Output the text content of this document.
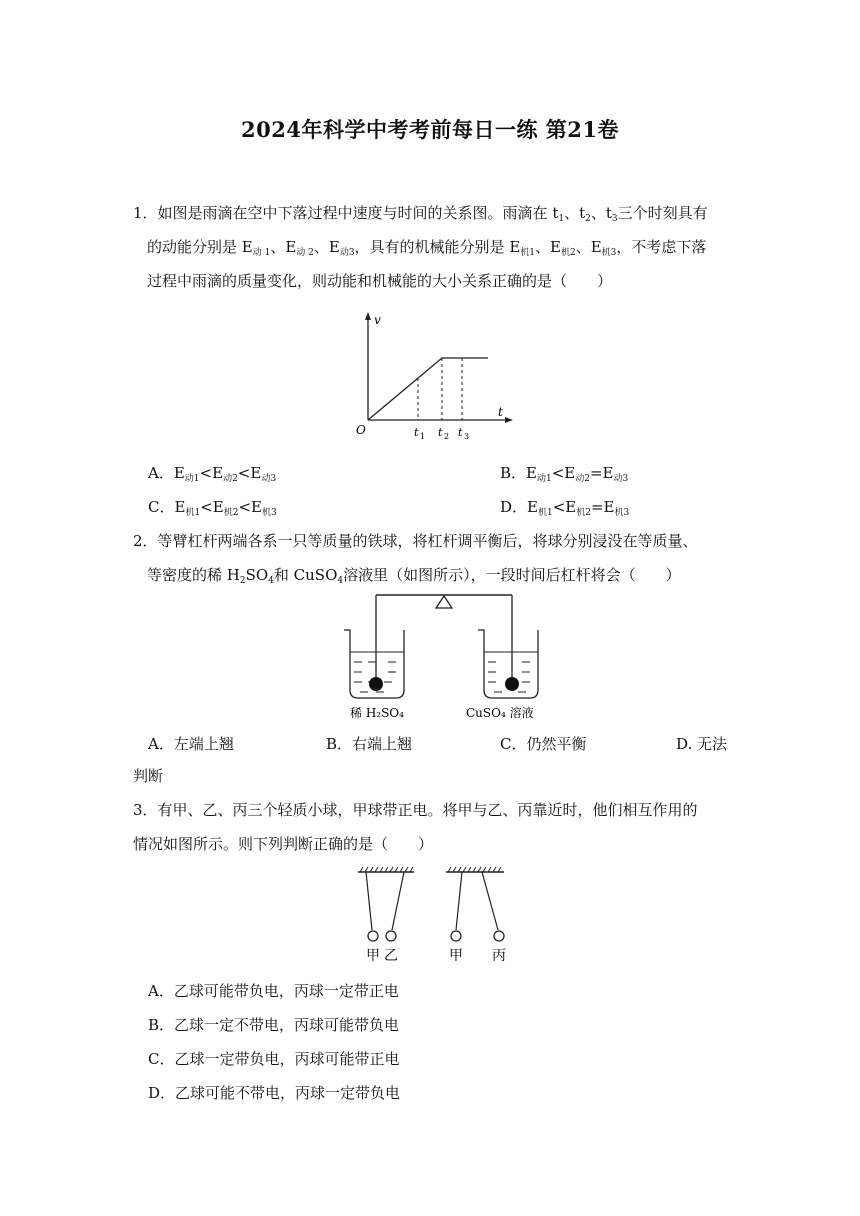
2024年科学中考考前每日一练 第21卷
1．如图是雨滴在空中下落过程中速度与时间的关系图。雨滴在 $t_1$、$t_2$、$t_3$三个时刻具有
的动能分别是 $E_{动 1}$、$E_{动 2}$、$E_{动3}$，具有的机械能分别是 $E_{机1}$、$E_{机2}$、$E_{机3}$，不考虑下落
过程中雨滴的质量变化，则动能和机械能的大小关系正确的是（　　）
v
t
O	t 1 t 2 t 3
A．$E_{动1}<E_{动2}<E_{动3}$	B．$E_{动1}<E_{动2}=E_{动3}$
C．$E_{机1}<E_{机2}<E_{机3}$	D．$E_{机1}<E_{机2}=E_{机3}$
2．等臂杠杆两端各系一只等质量的铁球，将杠杆调平衡后，将球分别浸没在等质量、
等密度的稀 $H_2SO_4$和 CuSO$_4$溶液里（如图所示），一段时间后杠杆将会（　　）
稀 H₂SO₄	CuSO₄ 溶液
A．左端上翘	B．右端上翘	C．仍然平衡	D. 无法
判断
3．有甲、乙、丙三个轻质小球，甲球带正电。将甲与乙、丙靠近时，他们相互作用的
情况如图所示。则下列判断正确的是（　　）
甲 乙	甲 丙
A．乙球可能带负电，丙球一定带正电
B．乙球一定不带电，丙球可能带负电
C．乙球一定带负电，丙球可能带正电
D．乙球可能不带电，丙球一定带负电
